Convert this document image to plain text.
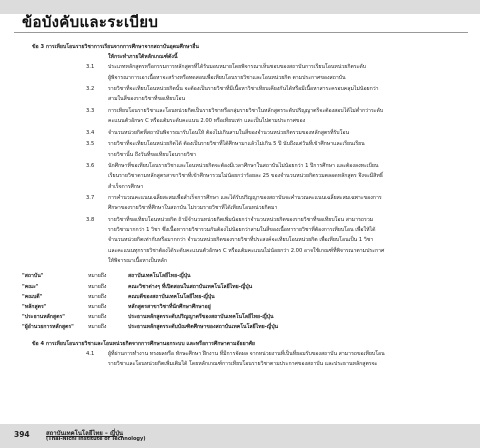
ข้อบังคับและระเบียบ
ข้อ 3 การเทียบโอนรายวิชาการเรียนจากการศึกษาจากสถาบันอุดมศึกษาอื่น
ให้กระทำภายใต้หลักเกณฑ์ดังนี้
3.1	ประเภทหลักสูตรหรือกรรมการหลักสูตรที่ได้รับมอบหมายโดยพิจารณาเห็นชอบของสถาบันการเรียนโอนหน่วยกิตระดับ
ผู้พิจารณาการเอาเนื้อหาจะสร้างหรือทดสอบเพื่อเทียบโอนรายวิชาและโอนหน่วยกิต ตามประกาศของสถาบัน
3.2	รายวิชาที่จะเทียบโอนหน่วยกิตนั้น จะต้องเป็นรายวิชาที่มีเนื้อหาวิชาเทียบเคียงกันได้หรือมีเนื้อหาสาระครอบคลุมไม่น้อยกว่า
สามในสี่ของรายวิชาที่ขอเทียบโอน
3.3	การเทียบโอนรายวิชาและโอนหน่วยกิตเป็นรายวิชาหรือกลุ่มรายวิชาในหลักสูตรระดับปริญญาตรีจะต้องสอบได้ไม่ต่ำกว่าระดับ
คะแนนตัวอักษร C หรือแต้มระดับคะแนน 2.00 หรือเทียบเท่า และเป็นไปตามประกาศของ
3.4	จำนวนหน่วยกิตที่สถาบันพิจารณารับโอนให้ ต้องไม่เกินสามในสี่ของจำนวนหน่วยกิตรวมของหลักสูตรที่รับโอน
3.5	รายวิชาที่จะเทียบโอนหน่วยกิตได้ ต้องเป็นรายวิชาที่ได้ศึกษามาแล้วไม่เกิน 5 ปี นับถึงแต่วันที่เข้าศึกษาและเรียนเรียน
รายวิชานั้น ถึงวันที่ขอเทียบโอนรายวิชา
3.6	นักศึกษาที่ขอเทียบโอนรายวิชาและโอนหน่วยกิตจะต้องมีเวลาศึกษาในสถาบันไม่น้อยกว่า 1 ปีการศึกษา และต้องลงทะเบียน
เรียนรายวิชาตามหลักสูตรสาขาวิชาที่เข้าศึกษารวมไม่น้อยกว่าร้อยละ 25 ของจำนวนหน่วยกิตรวมตลอดหลักสูตร จึงจะมีสิทธิ์
สำเร็จการศึกษา
3.7	การคำนวณคะแนนเฉลี่ยสะสมเพื่อสำเร็จการศึกษา และได้รับปริญญาของสถาบันจะคำนวณคะแนนเฉลี่ยสะสมเฉพาะของการ
ศึกษาของรายวิชาที่ศึกษาในสถาบัน ไม่รวมรายวิชาที่ได้เทียบโอนหน่วยกิตมา
3.8	รายวิชาที่ขอเทียบโอนหน่วยกิต ถ้ามีจำนวนหน่วยกิตเพิ่มน้อยกว่าจำนวนหน่วยกิตของรายวิชาที่ขอเทียบโอน สามารถรวม
รายวิชามากกว่า 1 วิชา ซึ่งเนื้อหารายวิชารวมกันต้องไม่น้อยกว่าสามในสี่ของเนื้อหารายวิชาที่ต้องการเทียบโอน เพื่อให้ได้
จำนวนหน่วยกิตเท่ากับหรือมากกว่า จำนวนหน่วยกิตของรายวิชาที่ประสงค์จะเทียบโอนหน่วยกิต เพื่อเทียบโอนเป็น 1 วิชา
และคะแนนทุกรายวิชาต้องได้ระดับคะแนนตัวอักษร C หรือแต้มคะแนนไม่น้อยกว่า 2.00 อาจใช้เกณฑ์ที่พิจารณาตามประกาศ
ให้พิจารณาเนื้อหาเป็นหลัก
"สถาบัน"	หมายถึง	สถาบันเทคโนโลยีไทย-ญี่ปุ่น
"คณะ"	หมายถึง	คณะวิชาต่างๆ ที่เปิดสอนในสถาบันเทคโนโลยีไทย-ญี่ปุ่น
"คณบดี"	หมายถึง	คณบดีของสถาบันเทคโนโลยีไทย-ญี่ปุ่น
"หลักสูตร"	หมายถึง	หลักสูตรสาขาวิชาที่นักศึกษาศึกษาอยู่
"ประธานหลักสูตร"	หมายถึง	ประธานหลักสูตรระดับปริญญาตรีของสถาบันเทคโนโลยีไทย-ญี่ปุ่น
"ผู้อำนวยการหลักสูตร"	หมายถึง	ประธานหลักสูตรระดับบัณฑิตศึกษาของสถาบันเทคโนโลยีไทย-ญี่ปุ่น
ข้อ 4 การเทียบโอนรายวิชาและโอนหน่วยกิตจากการศึกษานอกระบบ และหรือการศึกษาตามอัธยาศัย
4.1	ผู้ที่ผ่านการทำงาน ทรงผลหรือ ทักษะศึกษา ฝึกงาน ที่มีการจัดผล จากหน่วยงานที่เป็นที่ยอมรับของสถาบัน สามารถขอเทียบโอน
รายวิชาและโอนหน่วยกิตเพิ่มเติมได้ โดยหลักเกณฑ์การเทียบโอนรายวิชาตามประกาศของสถาบัน และประธานหลักสูตรจะ
394	สถาบันเทคโนโลยีไทย – ญี่ปุ่น
(Thai-Nichi Institute of Technology)
